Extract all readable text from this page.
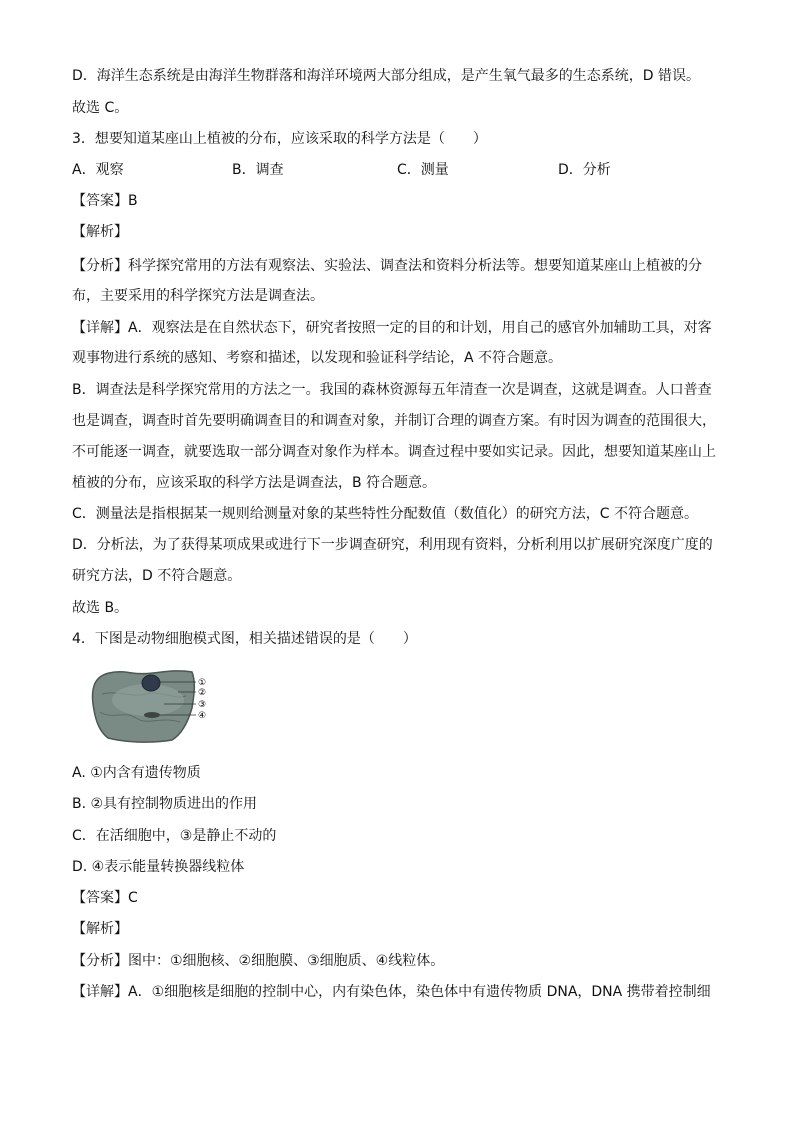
D．海洋生态系统是由海洋生物群落和海洋环境两大部分组成，是产生氧气最多的生态系统，D 错误。
故选 C。
3．想要知道某座山上植被的分布，应该采取的科学方法是（　　）
A．观察	B．调查	C．测量	D．分析
【答案】B
【解析】
【分析】科学探究常用的方法有观察法、实验法、调查法和资料分析法等。想要知道某座山上植被的分
布，主要采用的科学探究方法是调查法。
【详解】A．观察法是在自然状态下，研究者按照一定的目的和计划，用自己的感官外加辅助工具，对客
观事物进行系统的感知、考察和描述，以发现和验证科学结论，A 不符合题意。
B．调查法是科学探究常用的方法之一。我国的森林资源每五年清查一次是调查，这就是调查。人口普查
也是调查，调查时首先要明确调查目的和调查对象，并制订合理的调查方案。有时因为调查的范围很大，
不可能逐一调查，就要选取一部分调查对象作为样本。调查过程中要如实记录。因此，想要知道某座山上
植被的分布，应该采取的科学方法是调查法，B 符合题意。
C．测量法是指根据某一规则给测量对象的某些特性分配数值（数值化）的研究方法，C 不符合题意。
D．分析法，为了获得某项成果或进行下一步调查研究，利用现有资料，分析利用以扩展研究深度广度的
研究方法，D 不符合题意。
故选 B。
4．下图是动物细胞模式图，相关描述错误的是（　　）
①
②
③
④
A. ①内含有遗传物质
B. ②具有控制物质进出的作用
C．在活细胞中，③是静止不动的
D. ④表示能量转换器线粒体
【答案】C
【解析】
【分析】图中：①细胞核、②细胞膜、③细胞质、④线粒体。
【详解】A．①细胞核是细胞的控制中心，内有染色体，染色体中有遗传物质 DNA，DNA 携带着控制细
